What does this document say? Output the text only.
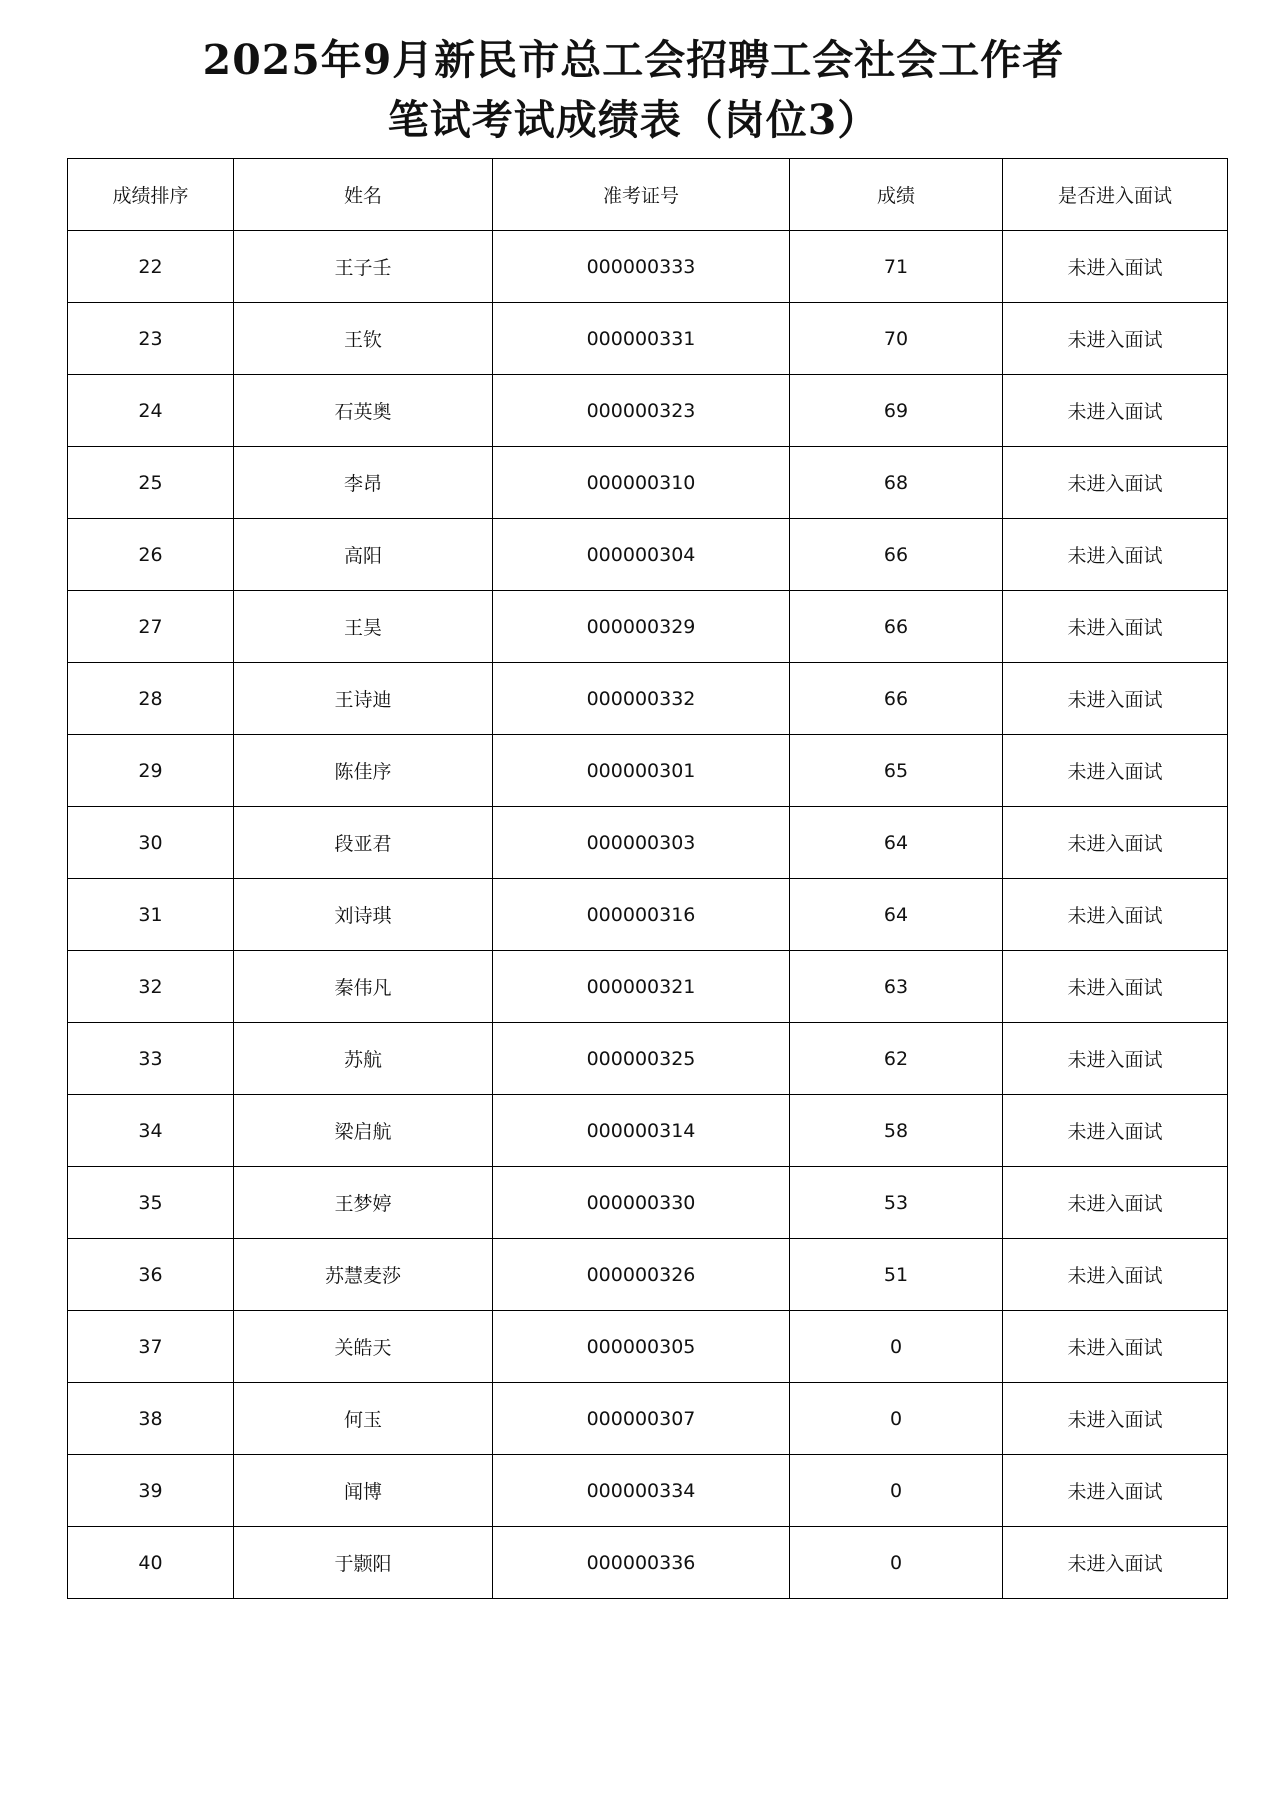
2025年9月新民市总工会招聘工会社会工作者
笔试考试成绩表（岗位3）
成绩排序	姓名	准考证号	成绩	是否进入面试
22	王子壬	000000333	71	未进入面试
23	王钦	000000331	70	未进入面试
24	石英奥	000000323	69	未进入面试
25	李昂	000000310	68	未进入面试
26	高阳	000000304	66	未进入面试
27	王昊	000000329	66	未进入面试
28	王诗迪	000000332	66	未进入面试
29	陈佳序	000000301	65	未进入面试
30	段亚君	000000303	64	未进入面试
31	刘诗琪	000000316	64	未进入面试
32	秦伟凡	000000321	63	未进入面试
33	苏航	000000325	62	未进入面试
34	梁启航	000000314	58	未进入面试
35	王梦婷	000000330	53	未进入面试
36	苏慧麦莎	000000326	51	未进入面试
37	关皓天	000000305	0	未进入面试
38	何玉	000000307	0	未进入面试
39	闻博	000000334	0	未进入面试
40	于颢阳	000000336	0	未进入面试
